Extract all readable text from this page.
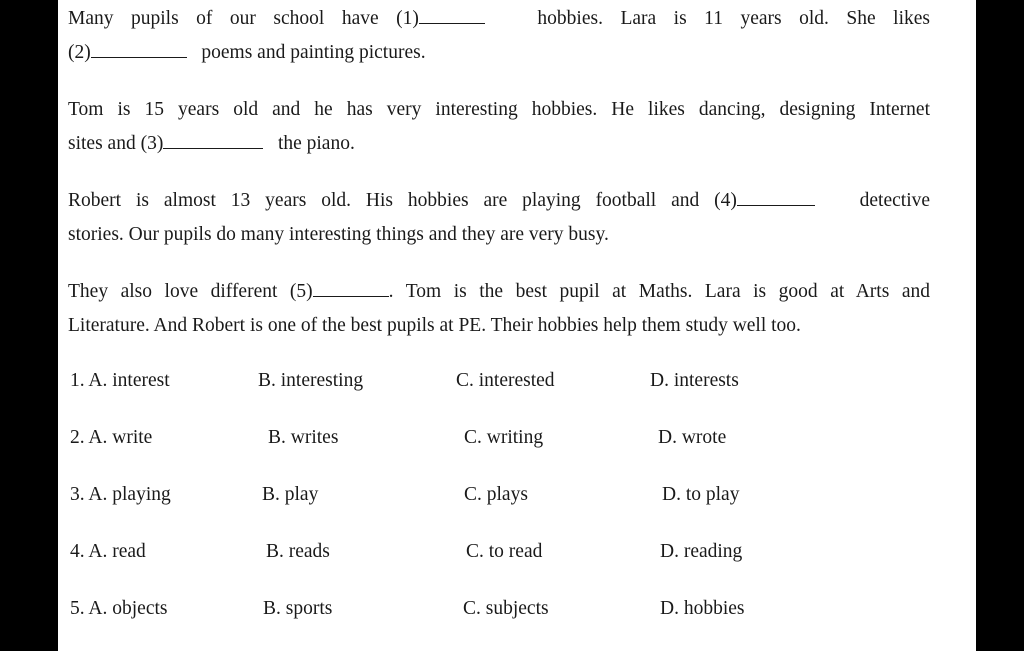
Many pupils of our school have (1)	hobbies. Lara is 11 years old. She likes
(2)	poems and painting pictures.
Tom is 15 years old and he has very interesting hobbies. He likes dancing, designing Internet
sites and (3)	the piano.
Robert is almost 13 years old. His hobbies are playing football and (4)	detective
stories. Our pupils do many interesting things and they are very busy.
They also love different (5)	. Tom is the best pupil at Maths. Lara is good at Arts and
Literature. And Robert is one of the best pupils at PE. Their hobbies help them study well too.
1. A. interest	B. interesting	C. interested	D. interests
2. A. write	B. writes	C. writing	D. wrote
3. A. playing	B. play	C. plays	D. to play
4. A. read	B. reads	C. to read	D. reading
5. A. objects	B. sports	C. subjects	D. hobbies
